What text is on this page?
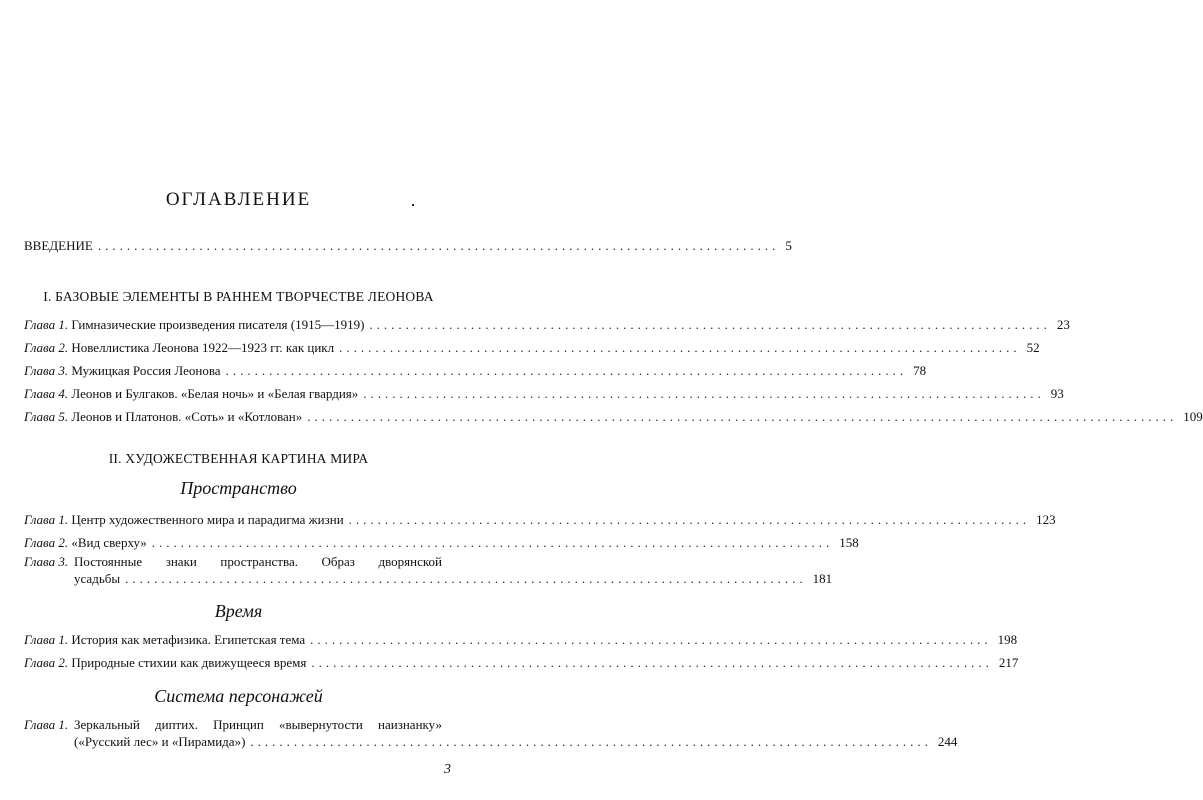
ОГЛАВЛЕНИЕ
ВВЕДЕНИЕ .............................................................................................. 5
I. БАЗОВЫЕ ЭЛЕМЕНТЫ В РАННЕМ ТВОРЧЕСТВЕ ЛЕОНОВА
Глава 1. Гимназические произведения писателя (1915—1919) .............................................................................................. 23
Глава 2. Новеллистика Леонова 1922—1923 гг. как цикл .............................................................................................. 52
Глава 3. Мужицкая Россия Леонова .............................................................................................. 78
Глава 4. Леонов и Булгаков. «Белая ночь» и «Белая гвардия» .............................................................................................. 93
Глава 5. Леонов и Платонов. «Соть» и «Котлован» ........................................................................................................................ 109
II. ХУДОЖЕСТВЕННАЯ КАРТИНА МИРА
Пространство
Глава 1. Центр художественного мира и парадигма жизни .............................................................................................. 123
Глава 2. «Вид сверху» .............................................................................................. 158
Глава 3. Постоянные знаки пространства. Образ дворянской
усадьбы .............................................................................................. 181
Время
Глава 1. История как метафизика. Египетская тема .............................................................................................. 198
Глава 2. Природные стихии как движущееся время .............................................................................................. 217
Система персонажей
Глава 1. Зеркальный диптих. Принцип «вывернутости наизнанку»
(«Русский лес» и «Пирамида») .............................................................................................. 244
3
